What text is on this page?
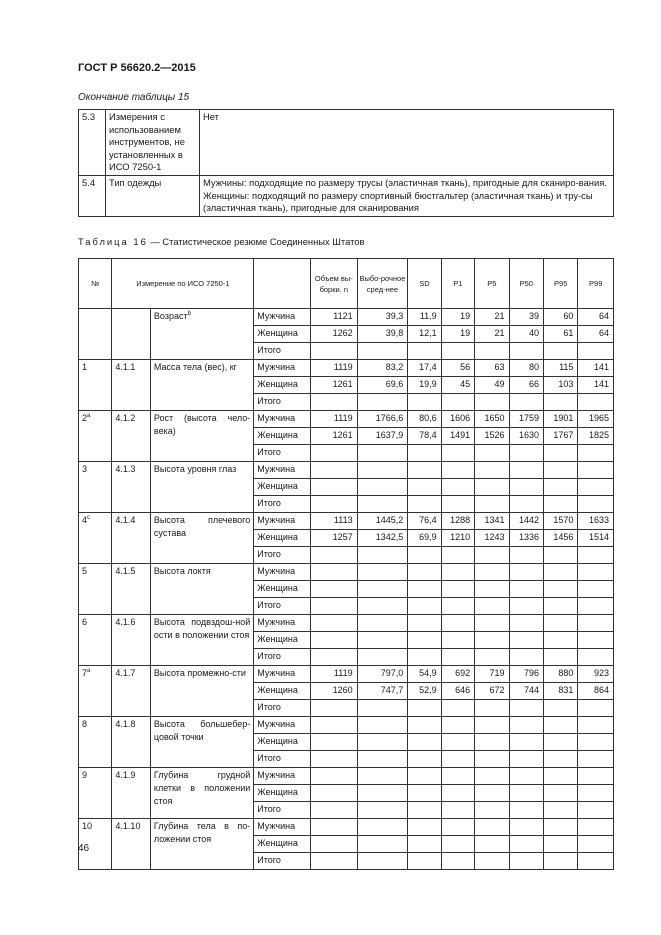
ГОСТ Р 56620.2—2015
Окончание таблицы 15
5.3	Измерения с использованием инструментов, не установленных в ИСО 7250-1	Нет
5.4	Тип одежды	Мужчины: подходящие по размеру трусы (эластичная ткань), пригодные для сканиро-вания.
Женщины: подходящий по размеру спортивный бюстгальтер (эластичная ткань) и тру-сы (эластичная ткань), пригодные для сканирования
Таблица 16 — Статистическое резюме Соединенных Штатов
№	Измерение по ИСО 7250-1			Объем вы-борки. n	Выбо-рочное сред-нее	SD	P1	P5	P50	P95	P99
		Возраст$^b$	Мужчина	1121	39,3	11,9	19	21	39	60	64
			Женщина	1262	39,8	12,1	19	21	40	61	64
			Итого								
1	4.1.1	Масса тела (вес), кг	Мужчина	1119	83,2	17,4	56	63	80	115	141
			Женщина	1261	69,6	19,9	45	49	66	103	141
			Итого								
2$^a$	4.1.2	Рост (высота чело-века)	Мужчина	1119	1766,6	80,6	1606	1650	1759	1901	1965
			Женщина	1261	1637,9	78,4	1491	1526	1630	1767	1825
			Итого								
3	4.1.3	Высота уровня глаз	Мужчина								
			Женщина								
			Итого								
4$^c$	4.1.4	Высота плечевого сустава	Мужчина	1113	1445,2	76,4	1288	1341	1442	1570	1633
			Женщина	1257	1342,5	69,9	1210	1243	1336	1456	1514
			Итого								
5	4.1.5	Высота локтя	Мужчина								
			Женщина								
			Итого								
6	4.1.6	Высота подвздош-ной ости в положении стоя	Мужчина								
			Женщина								
			Итого								
7$^a$	4.1.7	Высота промежно-сти	Мужчина	1119	797,0	54,9	692	719	796	880	923
			Женщина	1260	747,7	52,9	646	672	744	831	864
			Итого								
8	4.1.8	Высота большебер-цовой точки	Мужчина								
			Женщина								
			Итого								
9	4.1.9	Глубина грудной клетки в положении стоя	Мужчина								
			Женщина								
			Итого								
10	4.1.10	Глубина тела в по-ложении стоя	Мужчина								
			Женщина								
			Итого								
46
